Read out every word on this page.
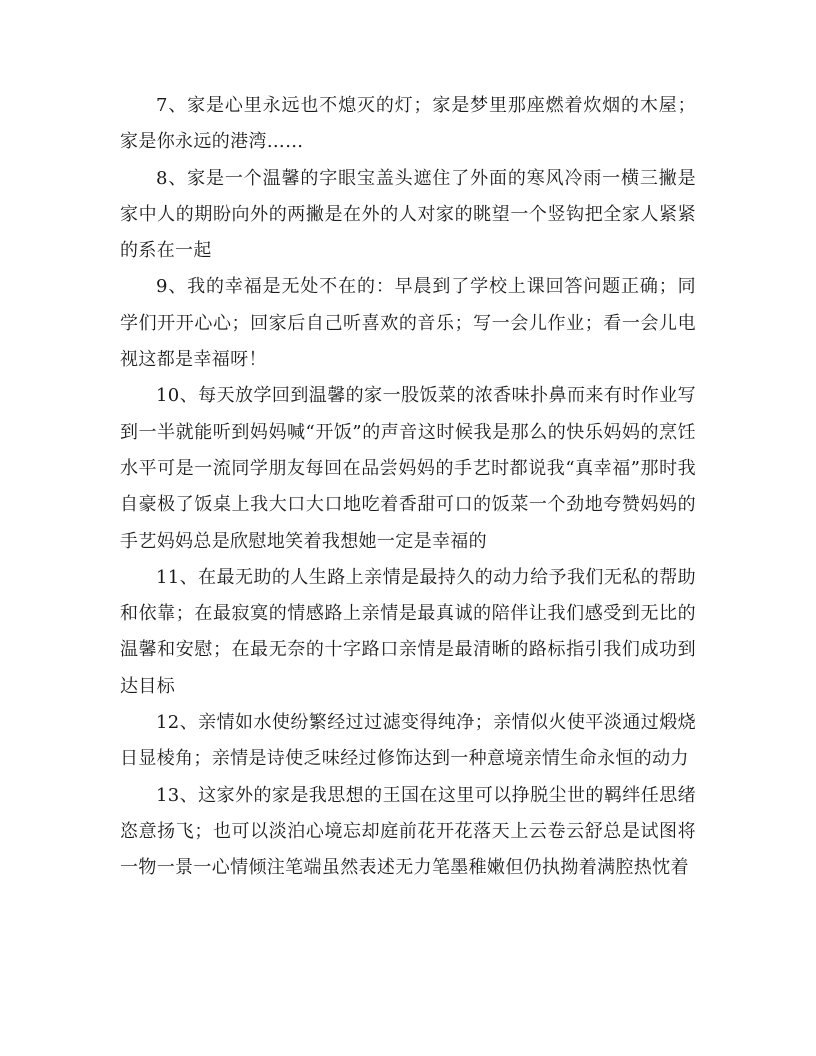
7、家是心里永远也不熄灭的灯；家是梦里那座燃着炊烟的木屋；家是你永远的港湾……

8、家是一个温馨的字眼宝盖头遮住了外面的寒风冷雨一横三撇是家中人的期盼向外的两撇是在外的人对家的眺望一个竖钩把全家人紧紧的系在一起

9、我的幸福是无处不在的：早晨到了学校上课回答问题正确；同学们开开心心；回家后自己听喜欢的音乐；写一会儿作业；看一会儿电视这都是幸福呀！

10、每天放学回到温馨的家一股饭菜的浓香味扑鼻而来有时作业写到一半就能听到妈妈喊“开饭”的声音这时候我是那么的快乐妈妈的烹饪水平可是一流同学朋友每回在品尝妈妈的手艺时都说我“真幸福”那时我自豪极了饭桌上我大口大口地吃着香甜可口的饭菜一个劲地夸赞妈妈的手艺妈妈总是欣慰地笑着我想她一定是幸福的

11、在最无助的人生路上亲情是最持久的动力给予我们无私的帮助和依靠；在最寂寞的情感路上亲情是最真诚的陪伴让我们感受到无比的温馨和安慰；在最无奈的十字路口亲情是最清晰的路标指引我们成功到达目标

12、亲情如水使纷繁经过过滤变得纯净；亲情似火使平淡通过煅烧日显棱角；亲情是诗使乏味经过修饰达到一种意境亲情生命永恒的动力

13、这家外的家是我思想的王国在这里可以挣脱尘世的羁绊任思绪恣意扬飞；也可以淡泊心境忘却庭前花开花落天上云卷云舒总是试图将一物一景一心情倾注笔端虽然表述无力笔墨稚嫩但仍执拗着满腔热忱着
